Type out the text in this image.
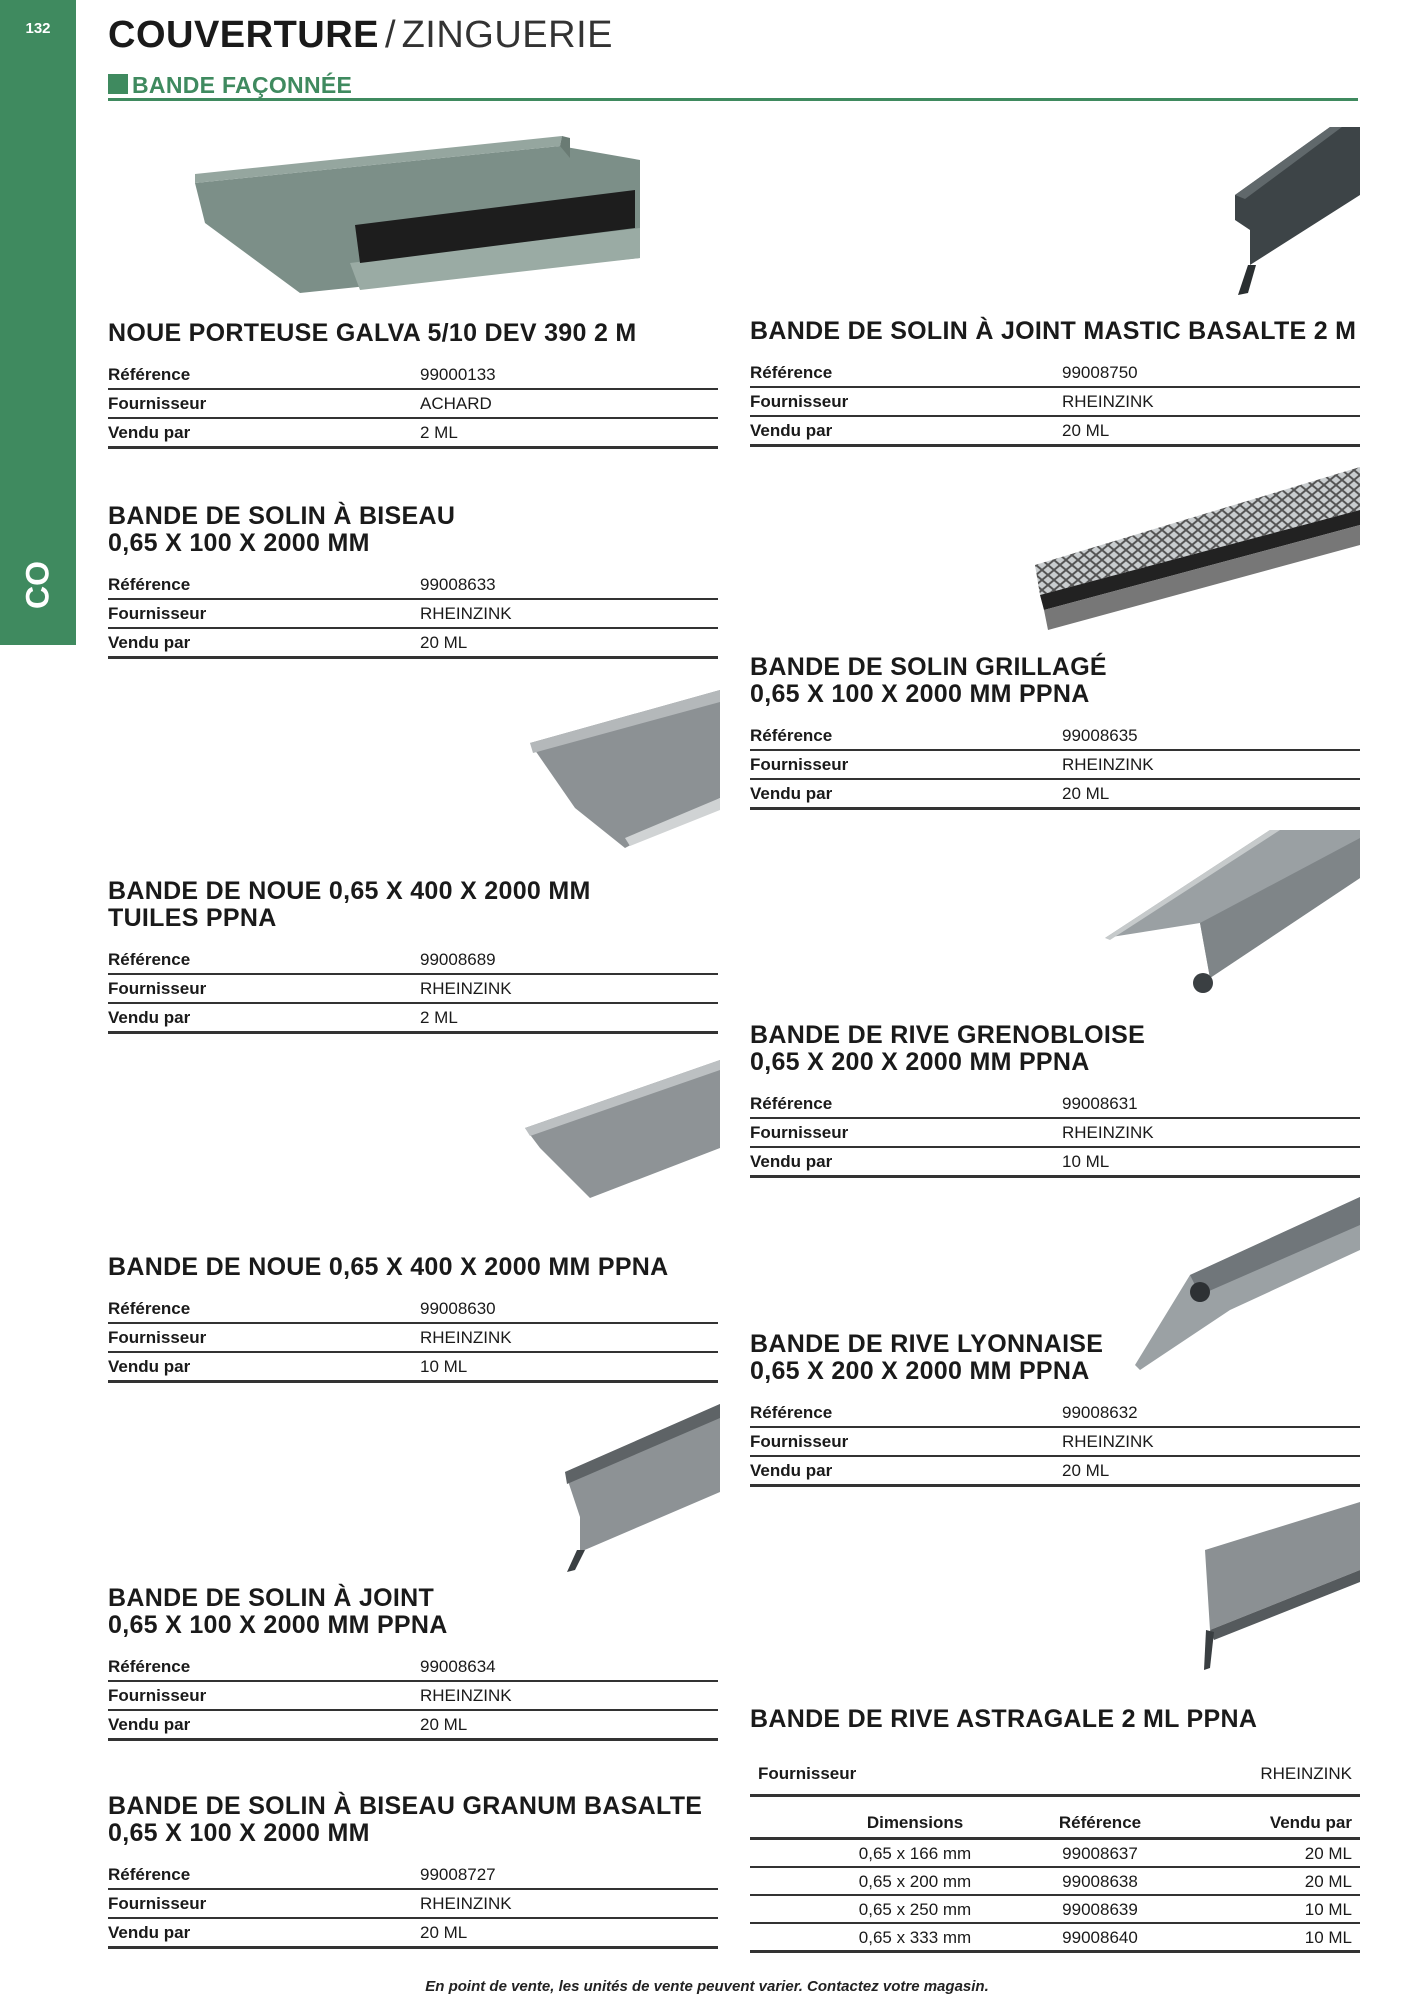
132
CO
COUVERTURE / ZINGUERIE
BANDE FAÇONNÉE
NOUE PORTEUSE GALVA 5/10 DEV 390 2 M
Référence	99000133
Fournisseur	ACHARD
Vendu par	2 ML
BANDE DE SOLIN À BISEAU
0,65 X 100 X 2000 MM
Référence	99008633
Fournisseur	RHEINZINK
Vendu par	20 ML
BANDE DE NOUE 0,65 X 400 X 2000 MM
TUILES PPNA
Référence	99008689
Fournisseur	RHEINZINK
Vendu par	2 ML
BANDE DE NOUE 0,65 X 400 X 2000 MM PPNA
Référence	99008630
Fournisseur	RHEINZINK
Vendu par	10 ML
BANDE DE SOLIN À JOINT
0,65 X 100 X 2000 MM PPNA
Référence	99008634
Fournisseur	RHEINZINK
Vendu par	20 ML
BANDE DE SOLIN À BISEAU GRANUM BASALTE
0,65 X 100 X 2000 MM
Référence	99008727
Fournisseur	RHEINZINK
Vendu par	20 ML
BANDE DE SOLIN À JOINT MASTIC BASALTE 2 M
Référence	99008750
Fournisseur	RHEINZINK
Vendu par	20 ML
BANDE DE SOLIN GRILLAGÉ
0,65 X 100 X 2000 MM PPNA
Référence	99008635
Fournisseur	RHEINZINK
Vendu par	20 ML
BANDE DE RIVE GRENOBLOISE
0,65 X 200 X 2000 MM PPNA
Référence	99008631
Fournisseur	RHEINZINK
Vendu par	10 ML
BANDE DE RIVE LYONNAISE
0,65 X 200 X 2000 MM PPNA
Référence	99008632
Fournisseur	RHEINZINK
Vendu par	20 ML
BANDE DE RIVE ASTRAGALE 2 ML PPNA
Fournisseur	RHEINZINK
Dimensions	Référence	Vendu par
0,65 x 166 mm	99008637	20 ML
0,65 x 200 mm	99008638	20 ML
0,65 x 250 mm	99008639	10 ML
0,65 x 333 mm	99008640	10 ML
En point de vente, les unités de vente peuvent varier. Contactez votre magasin.
